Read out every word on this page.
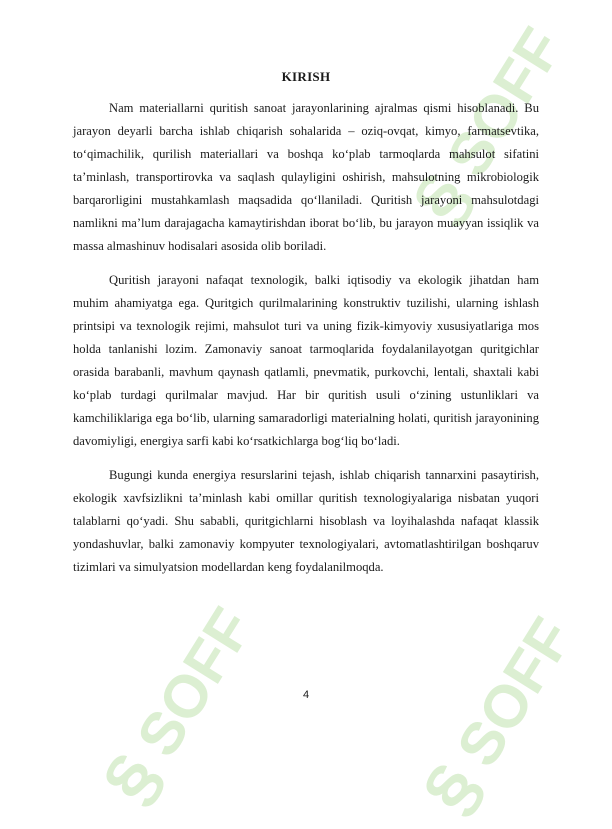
§
SOFF
§
SOFF
§
SOFF
KIRISH

Nam materiallarni quritish sanoat jarayonlarining ajralmas qismi hisoblanadi. Bu jarayon deyarli barcha ishlab chiqarish sohalarida – oziq-ovqat, kimyo, farmatsevtika, to‘qimachilik, qurilish materiallari va boshqa ko‘plab tarmoqlarda mahsulot sifatini ta’minlash, transportirovka va saqlash qulayligini oshirish, mahsulotning mikrobiologik barqarorligini mustahkamlash maqsadida qo‘llaniladi. Quritish jarayoni mahsulotdagi namlikni ma’lum darajagacha kamaytirishdan iborat bo‘lib, bu jarayon muayyan issiqlik va massa almashinuv hodisalari asosida olib boriladi.

Quritish jarayoni nafaqat texnologik, balki iqtisodiy va ekologik jihatdan ham muhim ahamiyatga ega. Quritgich qurilmalarining konstruktiv tuzilishi, ularning ishlash printsipi va texnologik rejimi, mahsulot turi va uning fizik-kimyoviy xususiyatlariga mos holda tanlanishi lozim. Zamonaviy sanoat tarmoqlarida foydalanilayotgan quritgichlar orasida barabanli, mavhum qaynash qatlamli, pnevmatik, purkovchi, lentali, shaxtali kabi ko‘plab turdagi qurilmalar mavjud. Har bir quritish usuli o‘zining ustunliklari va kamchiliklariga ega bo‘lib, ularning samaradorligi materialning holati, quritish jarayonining davomiyligi, energiya sarfi kabi ko‘rsatkichlarga bog‘liq bo‘ladi.

Bugungi kunda energiya resurslarini tejash, ishlab chiqarish tannarxini pasaytirish, ekologik xavfsizlikni ta’minlash kabi omillar quritish texnologiyalariga nisbatan yuqori talablarni qo‘yadi. Shu sababli, quritgichlarni hisoblash va loyihalashda nafaqat klassik yondashuvlar, balki zamonaviy kompyuter texnologiyalari, avtomatlashtirilgan boshqaruv tizimlari va simulyatsion modellardan keng foydalanilmoqda.

4
